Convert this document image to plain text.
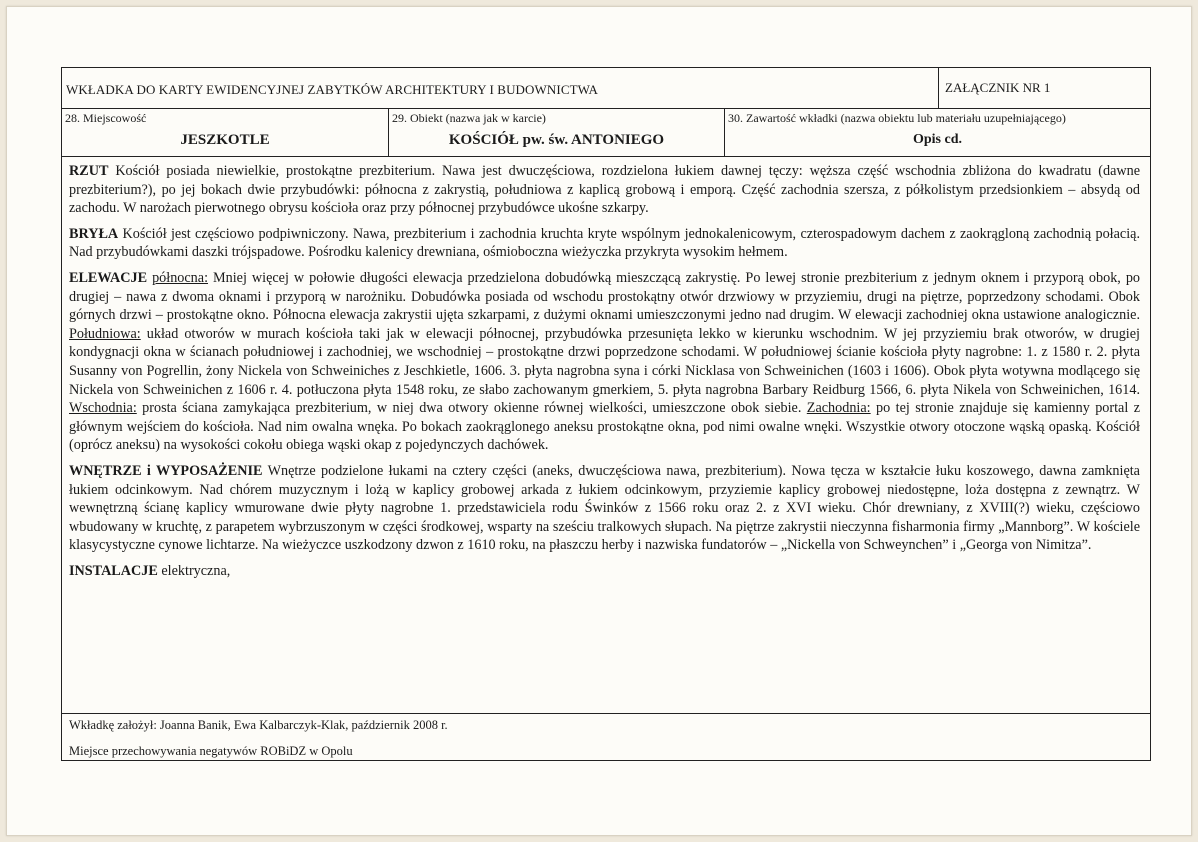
WKŁADKA DO KARTY EWIDENCYJNEJ ZABYTKÓW ARCHITEKTURY I BUDOWNICTWA	ZAŁĄCZNIK NR 1
28. Miejscowość
JESZKOTLE
29. Obiekt (nazwa jak w karcie)
KOŚCIÓŁ pw. św. ANTONIEGO
30. Zawartość wkładki (nazwa obiektu lub materiału uzupełniającego)
Opis cd.

RZUT Kościół posiada niewielkie, prostokątne prezbiterium. Nawa jest dwuczęściowa, rozdzielona łukiem dawnej tęczy: węższa część wschodnia zbliżona do kwadratu (dawne prezbiterium?), po jej bokach dwie przybudówki: północna z zakrystią, południowa z kaplicą grobową i emporą. Część zachodnia szersza, z półkolistym przedsionkiem – absydą od zachodu. W narożach pierwotnego obrysu kościoła oraz przy północnej przybudówce ukośne szkarpy.

BRYŁA Kościół jest częściowo podpiwniczony. Nawa, prezbiterium i zachodnia kruchta kryte wspólnym jednokalenicowym, czterospadowym dachem z zaokrągloną zachodnią połacią. Nad przybudówkami daszki trójspadowe. Pośrodku kalenicy drewniana, ośmioboczna wieżyczka przykryta wysokim hełmem.

ELEWACJE północna: Mniej więcej w połowie długości elewacja przedzielona dobudówką mieszczącą zakrystię. Po lewej stronie prezbiterium z jednym oknem i przyporą obok, po drugiej – nawa z dwoma oknami i przyporą w narożniku. Dobudówka posiada od wschodu prostokątny otwór drzwiowy w przyziemiu, drugi na piętrze, poprzedzony schodami. Obok górnych drzwi – prostokątne okno. Północna elewacja zakrystii ujęta szkarpami, z dużymi oknami umieszczonymi jedno nad drugim. W elewacji zachodniej okna ustawione analogicznie. Południowa: układ otworów w murach kościoła taki jak w elewacji północnej, przybudówka przesunięta lekko w kierunku wschodnim. W jej przyziemiu brak otworów, w drugiej kondygnacji okna w ścianach południowej i zachodniej, we wschodniej – prostokątne drzwi poprzedzone schodami. W południowej ścianie kościoła płyty nagrobne: 1. z 1580 r. 2. płyta Susanny von Pogrellin, żony Nickela von Schweiniches z Jeschkietle, 1606. 3. płyta nagrobna syna i córki Nicklasa von Schweinichen (1603 i 1606). Obok płyta wotywna modlącego się Nickela von Schweinichen z 1606 r. 4. potłuczona płyta 1548 roku, ze słabo zachowanym gmerkiem, 5. płyta nagrobna Barbary Reidburg 1566, 6. płyta Nikela von Schweinichen, 1614. Wschodnia: prosta ściana zamykająca prezbiterium, w niej dwa otwory okienne równej wielkości, umieszczone obok siebie. Zachodnia: po tej stronie znajduje się kamienny portal z głównym wejściem do kościoła. Nad nim owalna wnęka. Po bokach zaokrąglonego aneksu prostokątne okna, pod nimi owalne wnęki. Wszystkie otwory otoczone wąską opaską. Kościół (oprócz aneksu) na wysokości cokołu obiega wąski okap z pojedynczych dachówek.

WNĘTRZE i WYPOSAŻENIE Wnętrze podzielone łukami na cztery części (aneks, dwuczęściowa nawa, prezbiterium). Nowa tęcza w kształcie łuku koszowego, dawna zamknięta łukiem odcinkowym. Nad chórem muzycznym i lożą w kaplicy grobowej arkada z łukiem odcinkowym, przyziemie kaplicy grobowej niedostępne, loża dostępna z zewnątrz. W wewnętrzną ścianę kaplicy wmurowane dwie płyty nagrobne 1. przedstawiciela rodu Świnków z 1566 roku oraz 2. z XVI wieku. Chór drewniany, z XVIII(?) wieku, częściowo wbudowany w kruchtę, z parapetem wybrzuszonym w części środkowej, wsparty na sześciu tralkowych słupach. Na piętrze zakrystii nieczynna fisharmonia firmy „Mannborg”. W kościele klasycystyczne cynowe lichtarze. Na wieżyczce uszkodzony dzwon z 1610 roku, na płaszczu herby i nazwiska fundatorów – „Nickella von Schweynchen” i „Georga von Nimitza”.

INSTALACJE elektryczna,

Wkładkę założył: Joanna Banik, Ewa Kalbarczyk-Klak, październik 2008 r.
Miejsce przechowywania negatywów ROBiDZ w Opolu
